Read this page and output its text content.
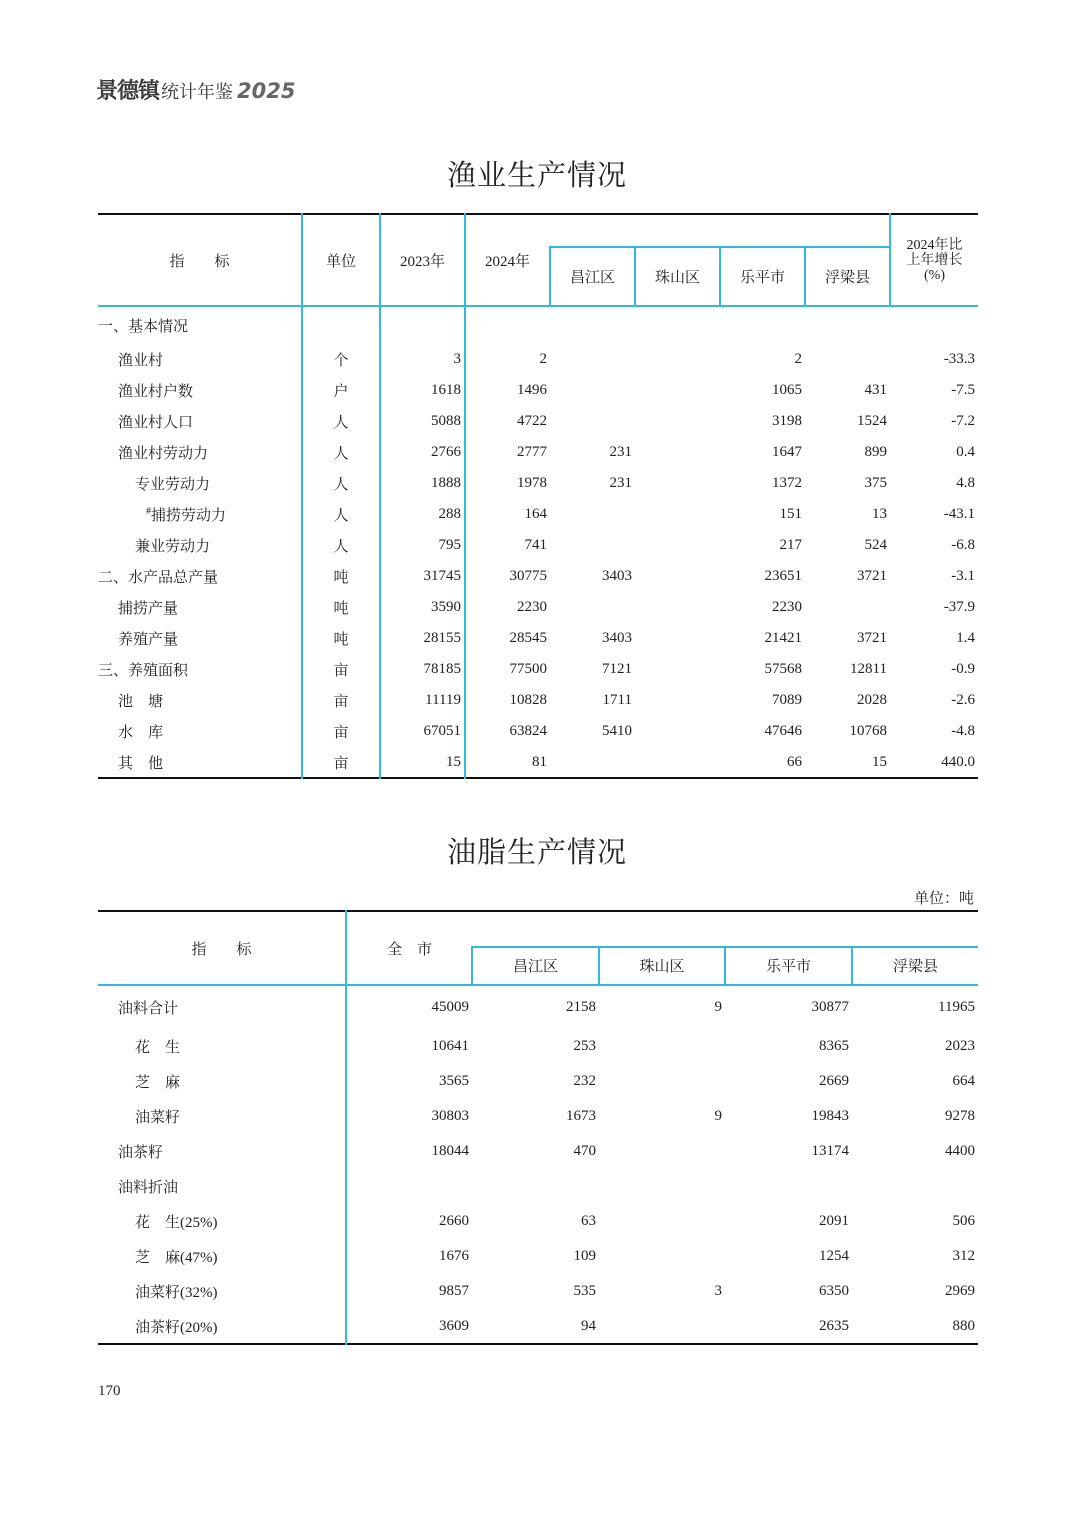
景德镇 统计年鉴 2025
渔业生产情况
指　　标	单位	2023年	2024年					2024年比
上年增长
(%)

				昌江区	珠山区	乐平市	浮梁县	
一、基本情况								
渔业村	个	3	2			2		-33.3
渔业村户数	户	1618	1496			1065	431	-7.5
渔业村人口	人	5088	4722			3198	1524	-7.2
渔业村劳动力	人	2766	2777	231		1647	899	0.4
专业劳动力	人	1888	1978	231		1372	375	4.8
#捕捞劳动力	人	288	164			151	13	-43.1
兼业劳动力	人	795	741			217	524	-6.8
二、水产品总产量	吨	31745	30775	3403		23651	3721	-3.1
捕捞产量	吨	3590	2230			2230		-37.9
养殖产量	吨	28155	28545	3403		21421	3721	1.4
三、养殖面积	亩	78185	77500	7121		57568	12811	-0.9
池　塘	亩	11119	10828	1711		7089	2028	-2.6
水　库	亩	67051	63824	5410		47646	10768	-4.8
其　他	亩	15	81			66	15	440.0
油脂生产情况
单位：吨
指　　标	全　市				
		昌江区	珠山区	乐平市	浮梁县
油料合计	45009	2158	9	30877	11965
花　生	10641	253		8365	2023
芝　麻	3565	232		2669	664
油菜籽	30803	1673	9	19843	9278
油茶籽	18044	470		13174	4400
油料折油					
花　生(25%)	2660	63		2091	506
芝　麻(47%)	1676	109		1254	312
油菜籽(32%)	9857	535	3	6350	2969
油茶籽(20%)	3609	94		2635	880
170
